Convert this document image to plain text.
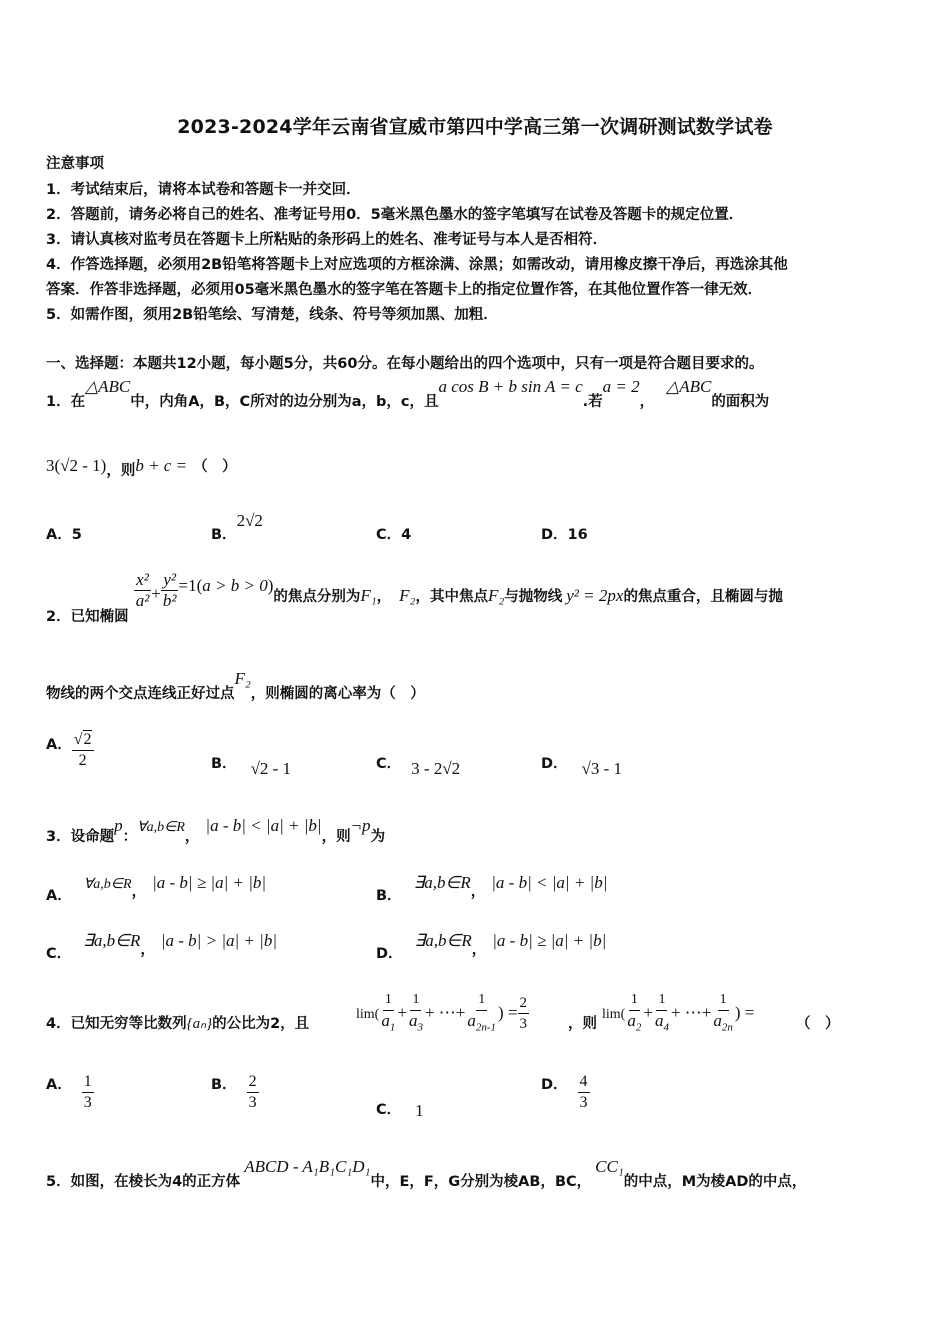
2023-2024学年云南省宣威市第四中学高三第一次调研测试数学试卷
注意事项
1．考试结束后，请将本试卷和答题卡一并交回．
2．答题前，请务必将自己的姓名、准考证号用0．5毫米黑色墨水的签字笔填写在试卷及答题卡的规定位置．
3．请认真核对监考员在答题卡上所粘贴的条形码上的姓名、准考证号与本人是否相符．
4．作答选择题，必须用2B铅笔将答题卡上对应选项的方框涂满、涂黑；如需改动，请用橡皮擦干净后，再选涂其他
答案．作答非选择题，必须用05毫米黑色墨水的签字笔在答题卡上的指定位置作答，在其他位置作答一律无效．
5．如需作图，须用2B铅笔绘、写清楚，线条、符号等须加黑、加粗．
一、选择题：本题共12小题，每小题5分，共60分。在每小题给出的四个选项中，只有一项是符合题目要求的。
1．在△ABC中，内角A，B，C所对的边分别为a，b，c，且a cos B + b sin A = c.若a = 2，△ABC的面积为
3(√2 - 1)，则b + c = （　）
A．5	B．2√2
C．4	D．16
2．已知椭圆
$\frac{\text{x²}}{\text{a²}} + \frac{\text{y²}}{\text{b²}} =1(a > b > 0)$的焦点分别为F₁， F₂，其中焦点F₂与抛物线 y² = 2px的焦点重合，且椭圆与抛
物线的两个交点连线正好过点F₂，则椭圆的离心率为（　）
A． $\frac{√2}{2}$	B． √2 - 1	C． 3 - 2√2	D． √3 - 1
3．设命题p：∀a,b∈R，|a - b| < |a| + |b|，则¬p为
A．∀a,b∈R， |a - b| ≥ |a| + |b|
B．∃a,b∈R， |a - b| < |a| + |b|
C．∃a,b∈R， |a - b| > |a| + |b|
D．∃a,b∈R， |a - b| ≥ |a| + |b|
4．已知无穷等比数列{aₙ}的公比为2，且
$\lim( \frac{1}{a_1} + \frac{1}{a_3}$ + ⋯+ $\frac{1}{a_{2n-1}}$ ) = $\frac{2}{3}$	，则
$\lim( \frac{1}{a_2} + \frac{1}{a_4}$ + ⋯+ $\frac{1}{a_{2n}}$ ) =
（　）
A． $\frac{1}{3}$	B． $\frac{2}{3}$	C． 1
D． $\frac{4}{3}$
5．如图，在棱长为4的正方体ABCD - A₁B₁C₁D₁中，E，F，G分别为棱AB，BC，CC₁的中点，M为棱AD的中点，
